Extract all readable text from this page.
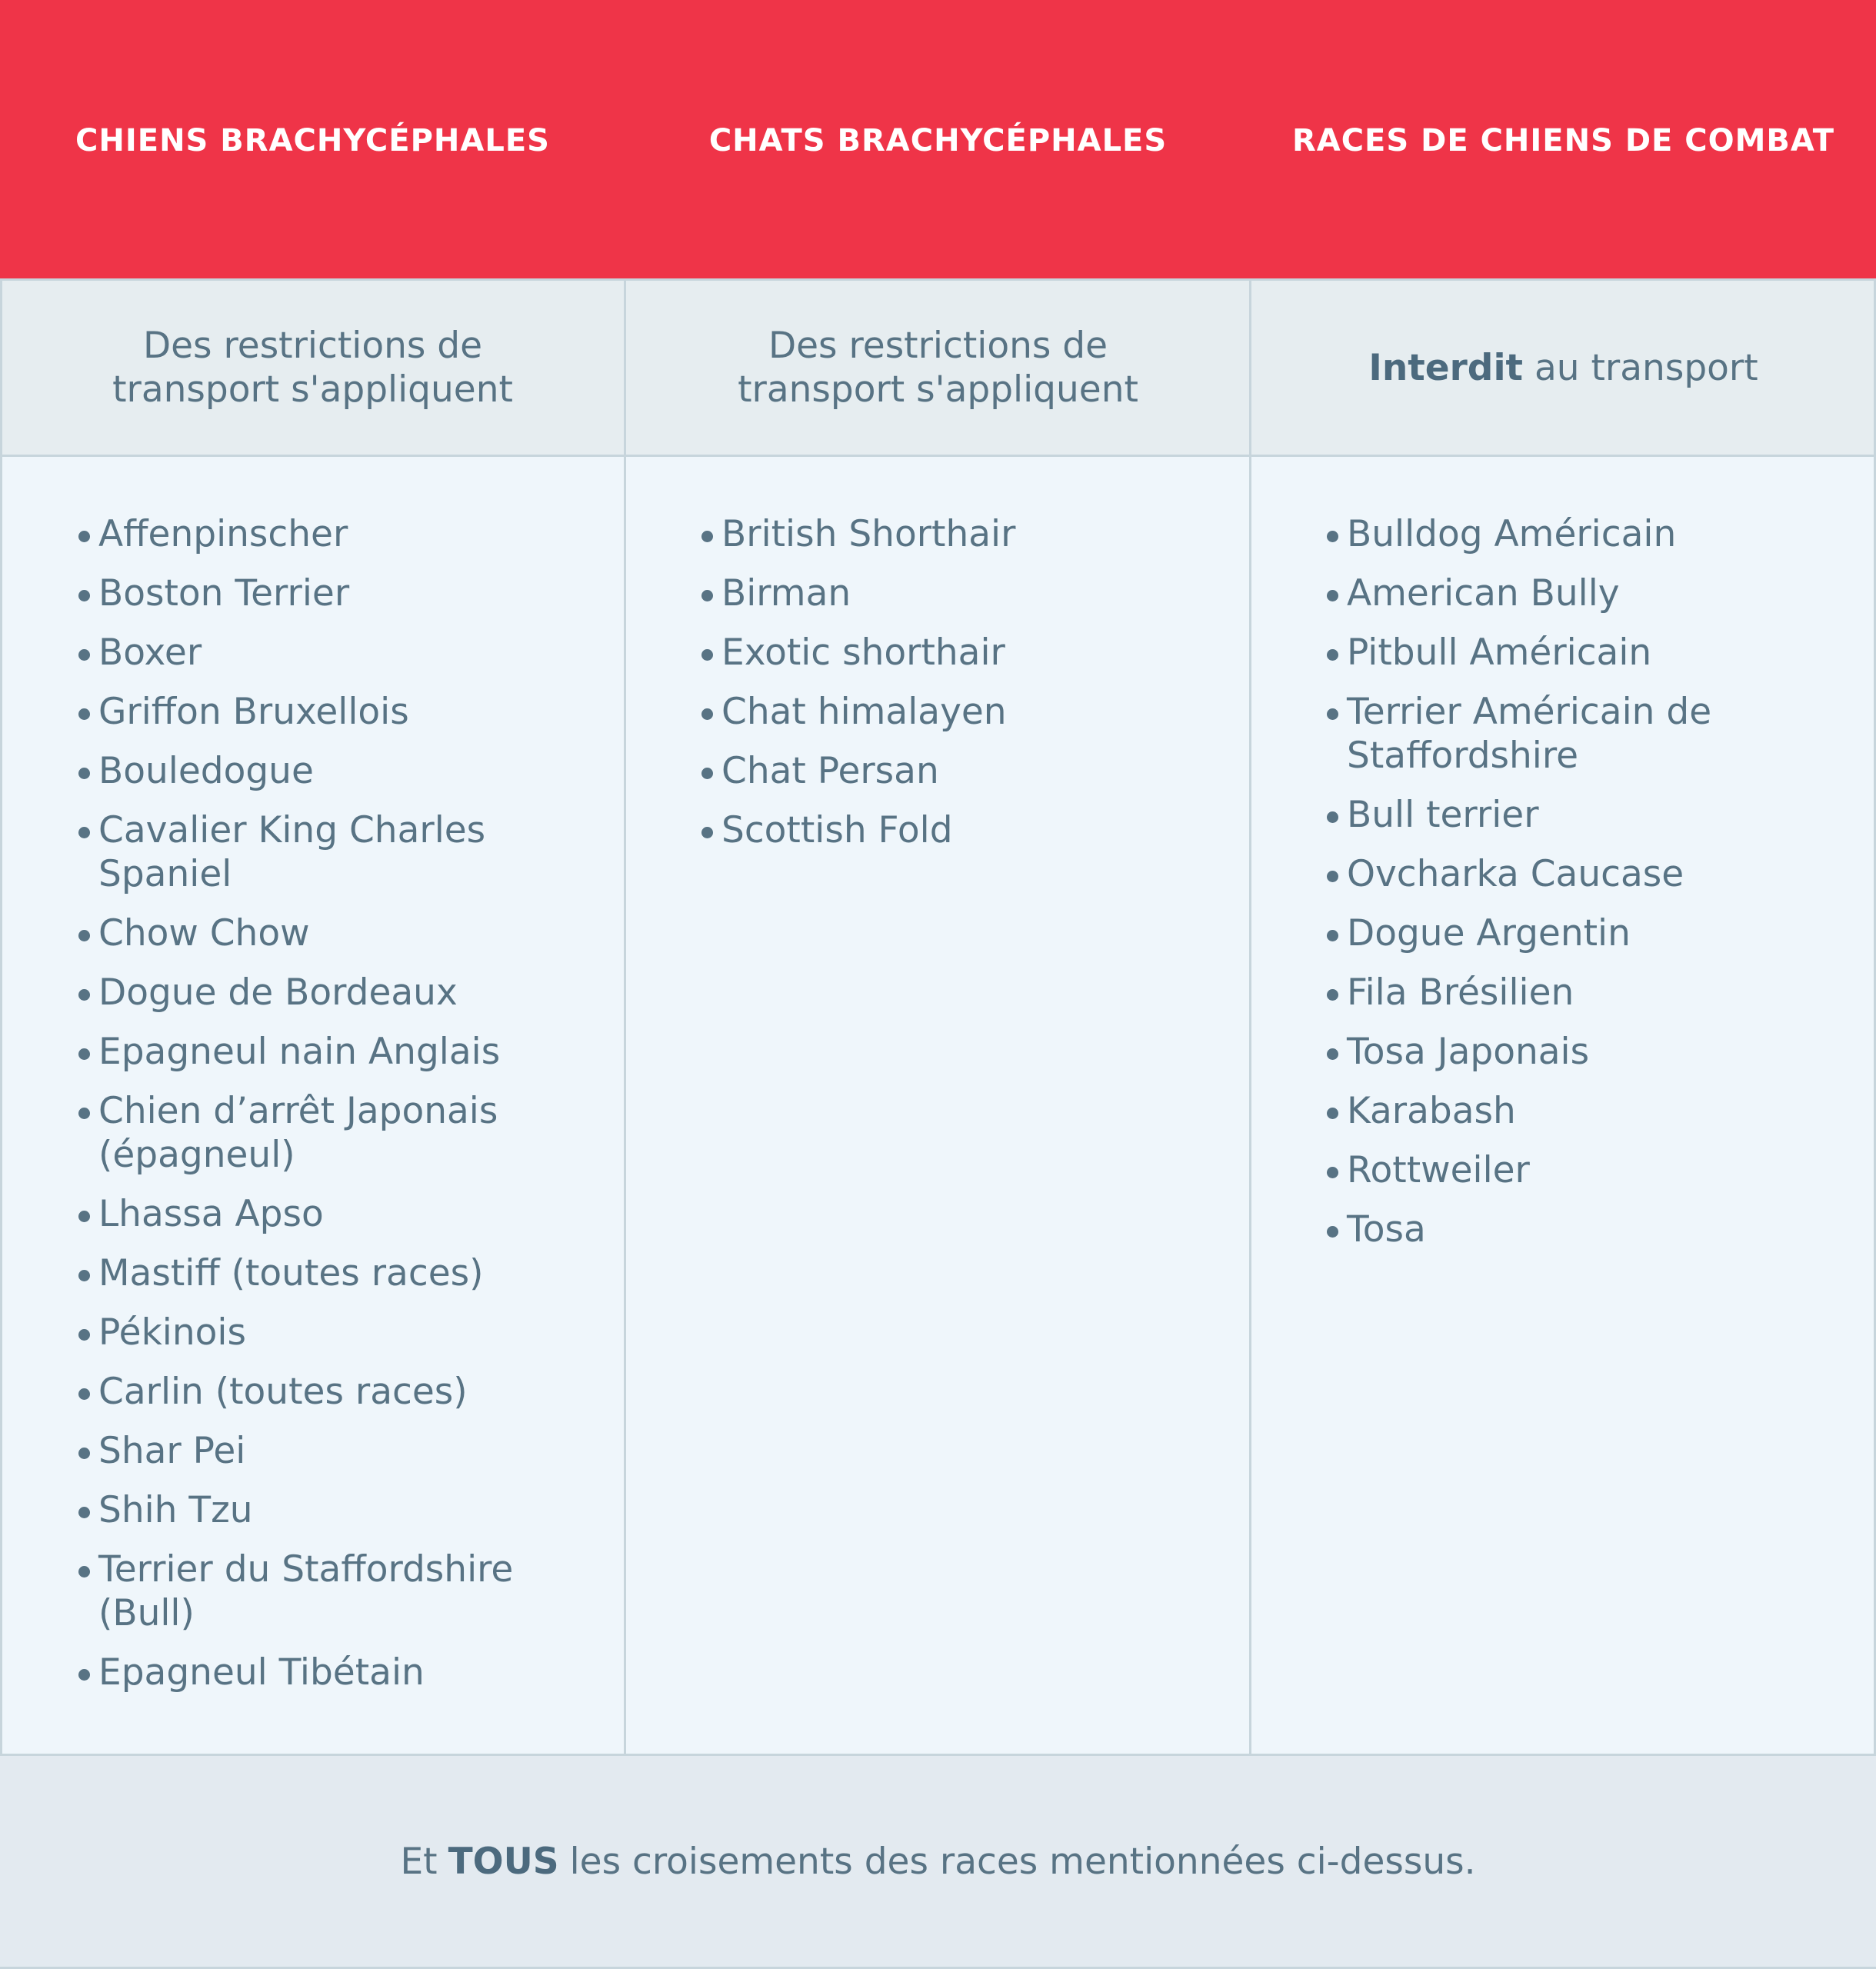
CHIENS BRACHYCÉPHALES	CHATS BRACHYCÉPHALES	RACES DE CHIENS DE COMBAT
Des restrictions de transport s'appliquent
Des restrictions de transport s'appliquent
Interdit au transport
Affenpinscher
Boston Terrier
Boxer
Griffon Bruxellois
Bouledogue
Cavalier King Charles Spaniel
Chow Chow
Dogue de Bordeaux
Epagneul nain Anglais
Chien d’arrêt Japonais (épagneul)
Lhassa Apso
Mastiff (toutes races)
Pékinois
Carlin (toutes races)
Shar Pei
Shih Tzu
Terrier du Staffordshire (Bull)
Epagneul Tibétain
British Shorthair
Birman
Exotic shorthair
Chat himalayen
Chat Persan
Scottish Fold
Bulldog Américain
American Bully
Pitbull Américain
Terrier Américain de Staffordshire
Bull terrier
Ovcharka Caucase
Dogue Argentin
Fila Brésilien
Tosa Japonais
Karabash
Rottweiler
Tosa
Et TOUS les croisements des races mentionnées ci-dessus.
